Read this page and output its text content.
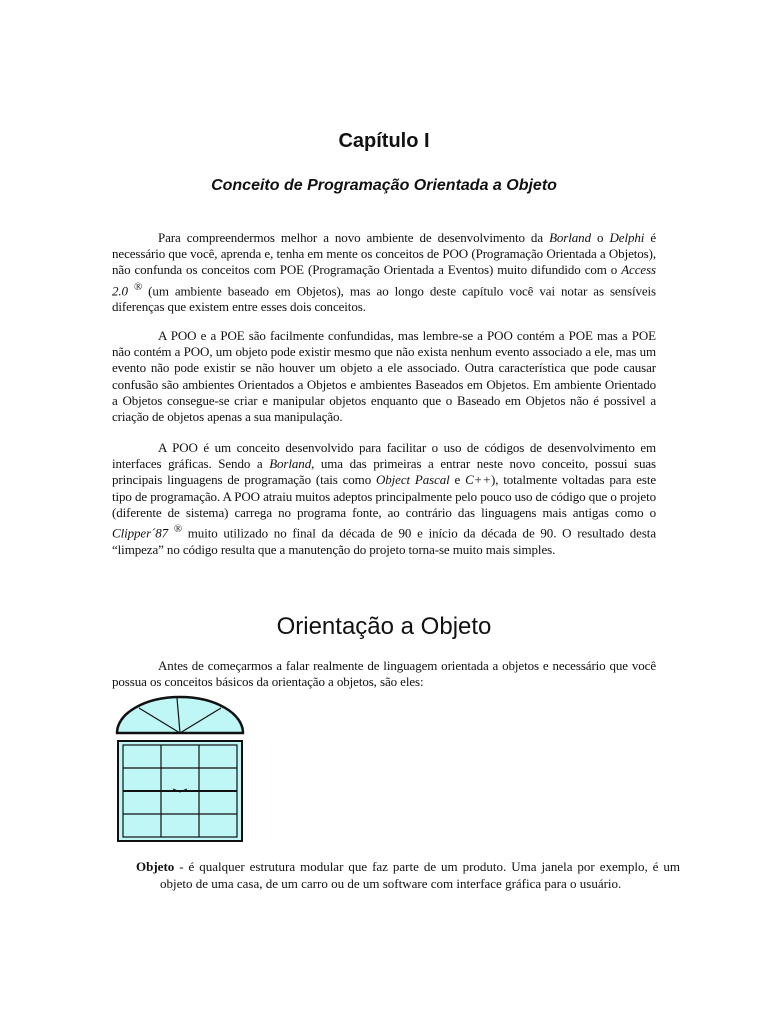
Capítulo I
Conceito de Programação Orientada a Objeto

Para compreendermos melhor a novo ambiente de desenvolvimento da Borland o Delphi é necessário que você, aprenda e, tenha em mente os conceitos de POO (Programação Orientada a Objetos), não confunda os conceitos com POE (Programação Orientada a Eventos) muito difundido com o Access 2.0 ® (um ambiente baseado em Objetos), mas ao longo deste capítulo você vai notar as sensíveis diferenças que existem entre esses dois conceitos.

A POO e a POE são facilmente confundidas, mas lembre-se a POO contém a POE mas a POE não contém a POO, um objeto pode existir mesmo que não exista nenhum evento associado a ele, mas um evento não pode existir se não houver um objeto a ele associado. Outra característica que pode causar confusão são ambientes Orientados a Objetos e ambientes Baseados em Objetos. Em ambiente Orientado a Objetos consegue-se criar e manipular objetos enquanto que o Baseado em Objetos não é possivel a criação de objetos apenas a sua manipulação.

A POO é um conceito desenvolvido para facilitar o uso de códigos de desenvolvimento em interfaces gráficas. Sendo a Borland, uma das primeiras a entrar neste novo conceito, possui suas principais linguagens de programação (tais como Object Pascal e C++), totalmente voltadas para este tipo de programação. A POO atraiu muitos adeptos principalmente pelo pouco uso de código que o projeto (diferente de sistema) carrega no programa fonte, ao contrário das linguagens mais antigas como o Clipper´87 ® muito utilizado no final da década de 90 e início da década de 90. O resultado desta “limpeza” no código resulta que a manutenção do projeto torna-se muito mais simples.

Orientação a Objeto

Antes de começarmos a falar realmente de linguagem orientada a objetos e necessário que você possua os conceitos básicos da orientação a objetos, são eles:

Objeto - é qualquer estrutura modular que faz parte de um produto. Uma janela por exemplo, é um objeto de uma casa, de um carro ou de um software com interface gráfica para o usuário.
